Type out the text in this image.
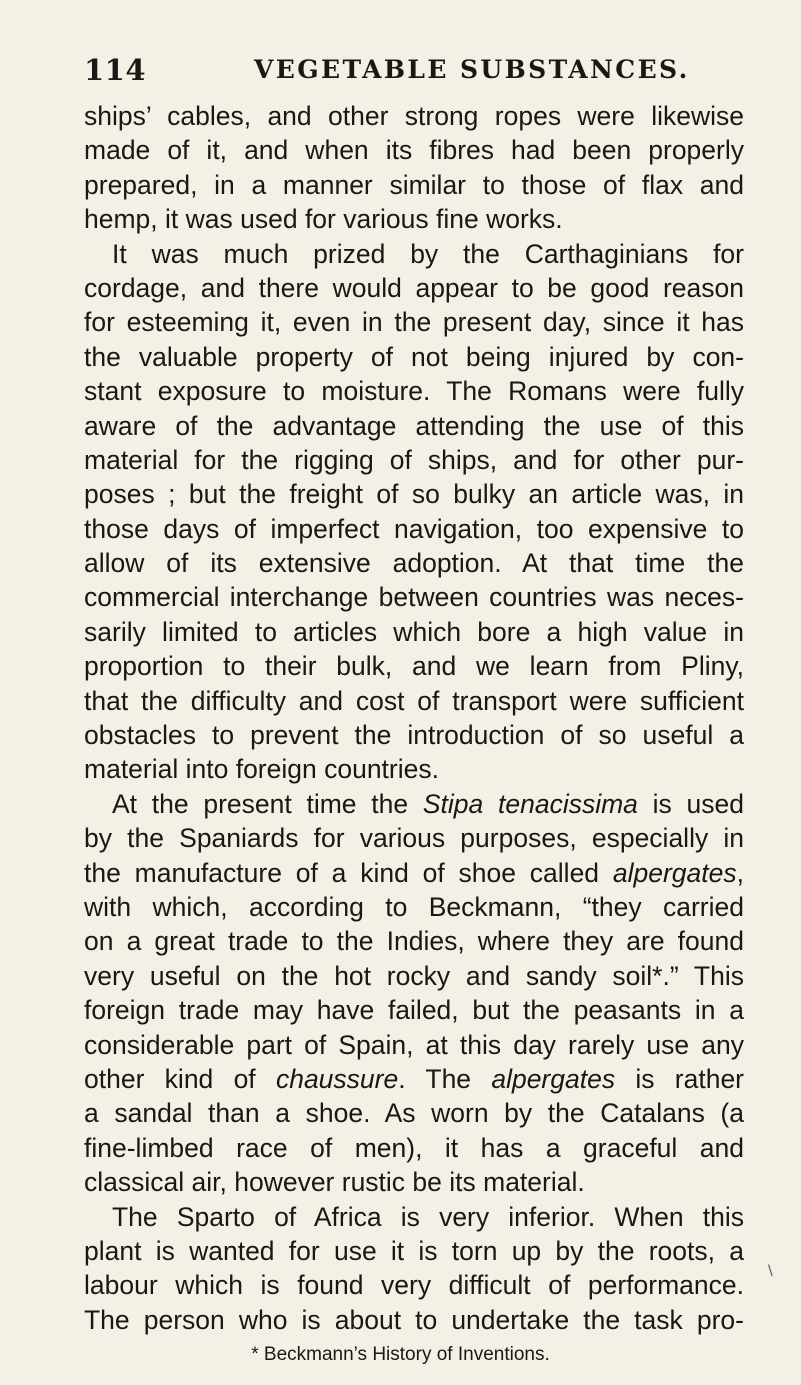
114	VEGETABLE SUBSTANCES.
ships’ cables, and other strong ropes were likewise
made of it, and when its fibres had been properly
prepared, in a manner similar to those of flax and
hemp, it was used for various fine works.
It was much prized by the Carthaginians for
cordage, and there would appear to be good reason
for esteeming it, even in the present day, since it has
the valuable property of not being injured by con-
stant exposure to moisture. The Romans were fully
aware of the advantage attending the use of this
material for the rigging of ships, and for other pur-
poses ; but the freight of so bulky an article was, in
those days of imperfect navigation, too expensive to
allow of its extensive adoption. At that time the
commercial interchange between countries was neces-
sarily limited to articles which bore a high value in
proportion to their bulk, and we learn from Pliny,
that the difficulty and cost of transport were sufficient
obstacles to prevent the introduction of so useful a
material into foreign countries.
At the present time the Stipa tenacissima is used
by the Spaniards for various purposes, especially in
the manufacture of a kind of shoe called alpergates,
with which, according to Beckmann, “they carried
on a great trade to the Indies, where they are found
very useful on the hot rocky and sandy soil*.” This
foreign trade may have failed, but the peasants in a
considerable part of Spain, at this day rarely use any
other kind of chaussure. The alpergates is rather
a sandal than a shoe. As worn by the Catalans (a
fine-limbed race of men), it has a graceful and
classical air, however rustic be its material.
The Sparto of Africa is very inferior. When this
plant is wanted for use it is torn up by the roots, a
labour which is found very difficult of performance.
The person who is about to undertake the task pro-
\
* Beckmann’s History of Inventions.
